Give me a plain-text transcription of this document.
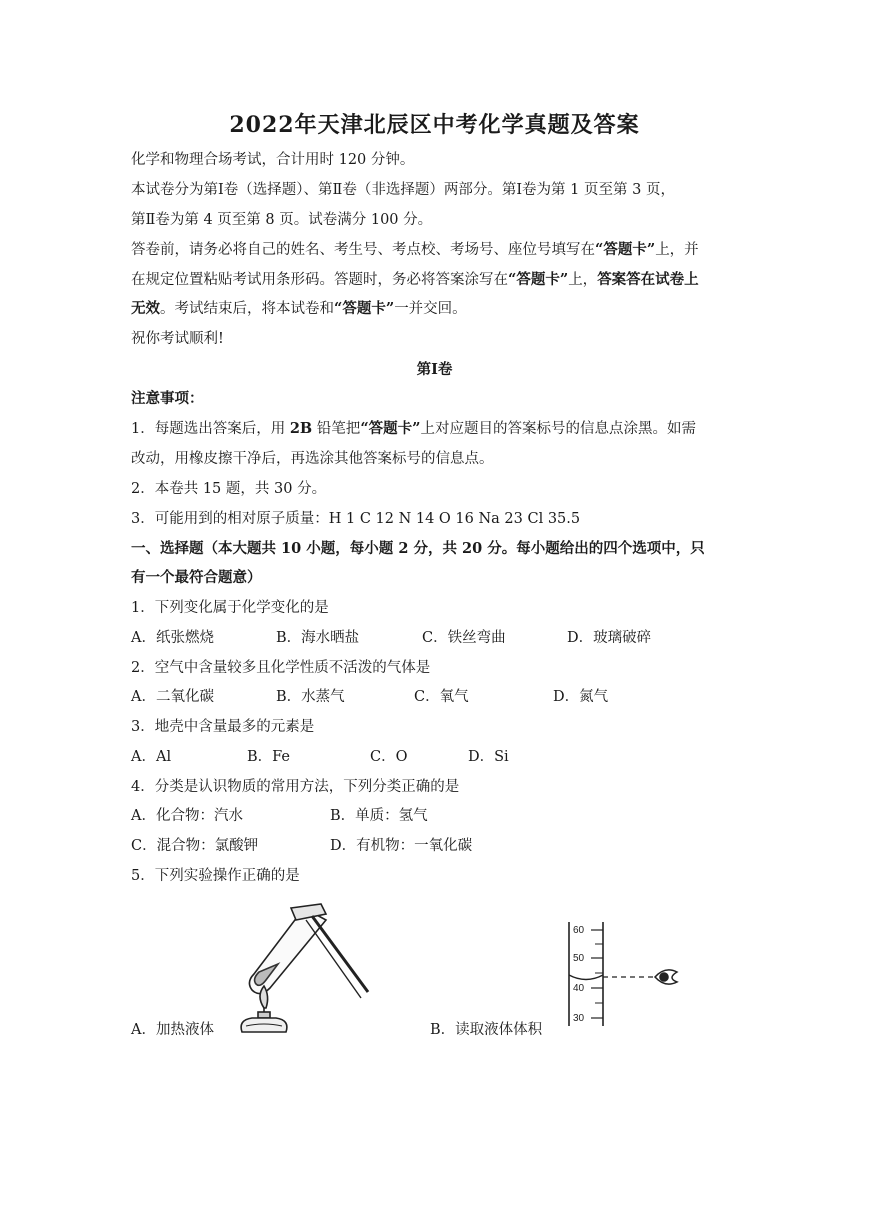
2022年天津北辰区中考化学真题及答案
化学和物理合场考试，合计用时 120 分钟。
本试卷分为第Ⅰ卷（选择题）、第Ⅱ卷（非选择题）两部分。第Ⅰ卷为第 1 页至第 3 页，
第Ⅱ卷为第 4 页至第 8 页。试卷满分 100 分。
答卷前，请务必将自己的姓名、考生号、考点校、考场号、座位号填写在“答题卡”上，并
在规定位置粘贴考试用条形码。答题时，务必将答案涂写在“答题卡”上，答案答在试卷上
无效。考试结束后，将本试卷和“答题卡”一并交回。
祝你考试顺利!
第Ⅰ卷
注意事项：
1．每题选出答案后，用 2B 铅笔把“答题卡”上对应题目的答案标号的信息点涂黑。如需
改动，用橡皮擦干净后，再选涂其他答案标号的信息点。
2．本卷共 15 题，共 30 分。
3．可能用到的相对原子质量：H 1 C 12 N 14 O 16 Na 23 Cl 35.5
一、选择题（本大题共 10 小题，每小题 2 分，共 20 分。每小题给出的四个选项中，只
有一个最符合题意）
1．下列变化属于化学变化的是
A．纸张燃烧	B．海水晒盐	C．铁丝弯曲	D．玻璃破碎
2．空气中含量较多且化学性质不活泼的气体是
A．二氧化碳	B．水蒸气	C．氧气	D．氮气
3．地壳中含量最多的元素是
A．Al	B．Fe	C．O	D．Si
4．分类是认识物质的常用方法，下列分类正确的是
A．化合物：汽水	B．单质：氢气
C．混合物：氯酸钾	D．有机物：一氧化碳
5．下列实验操作正确的是
A．加热液体
60
50
40
30
B．读取液体体积
